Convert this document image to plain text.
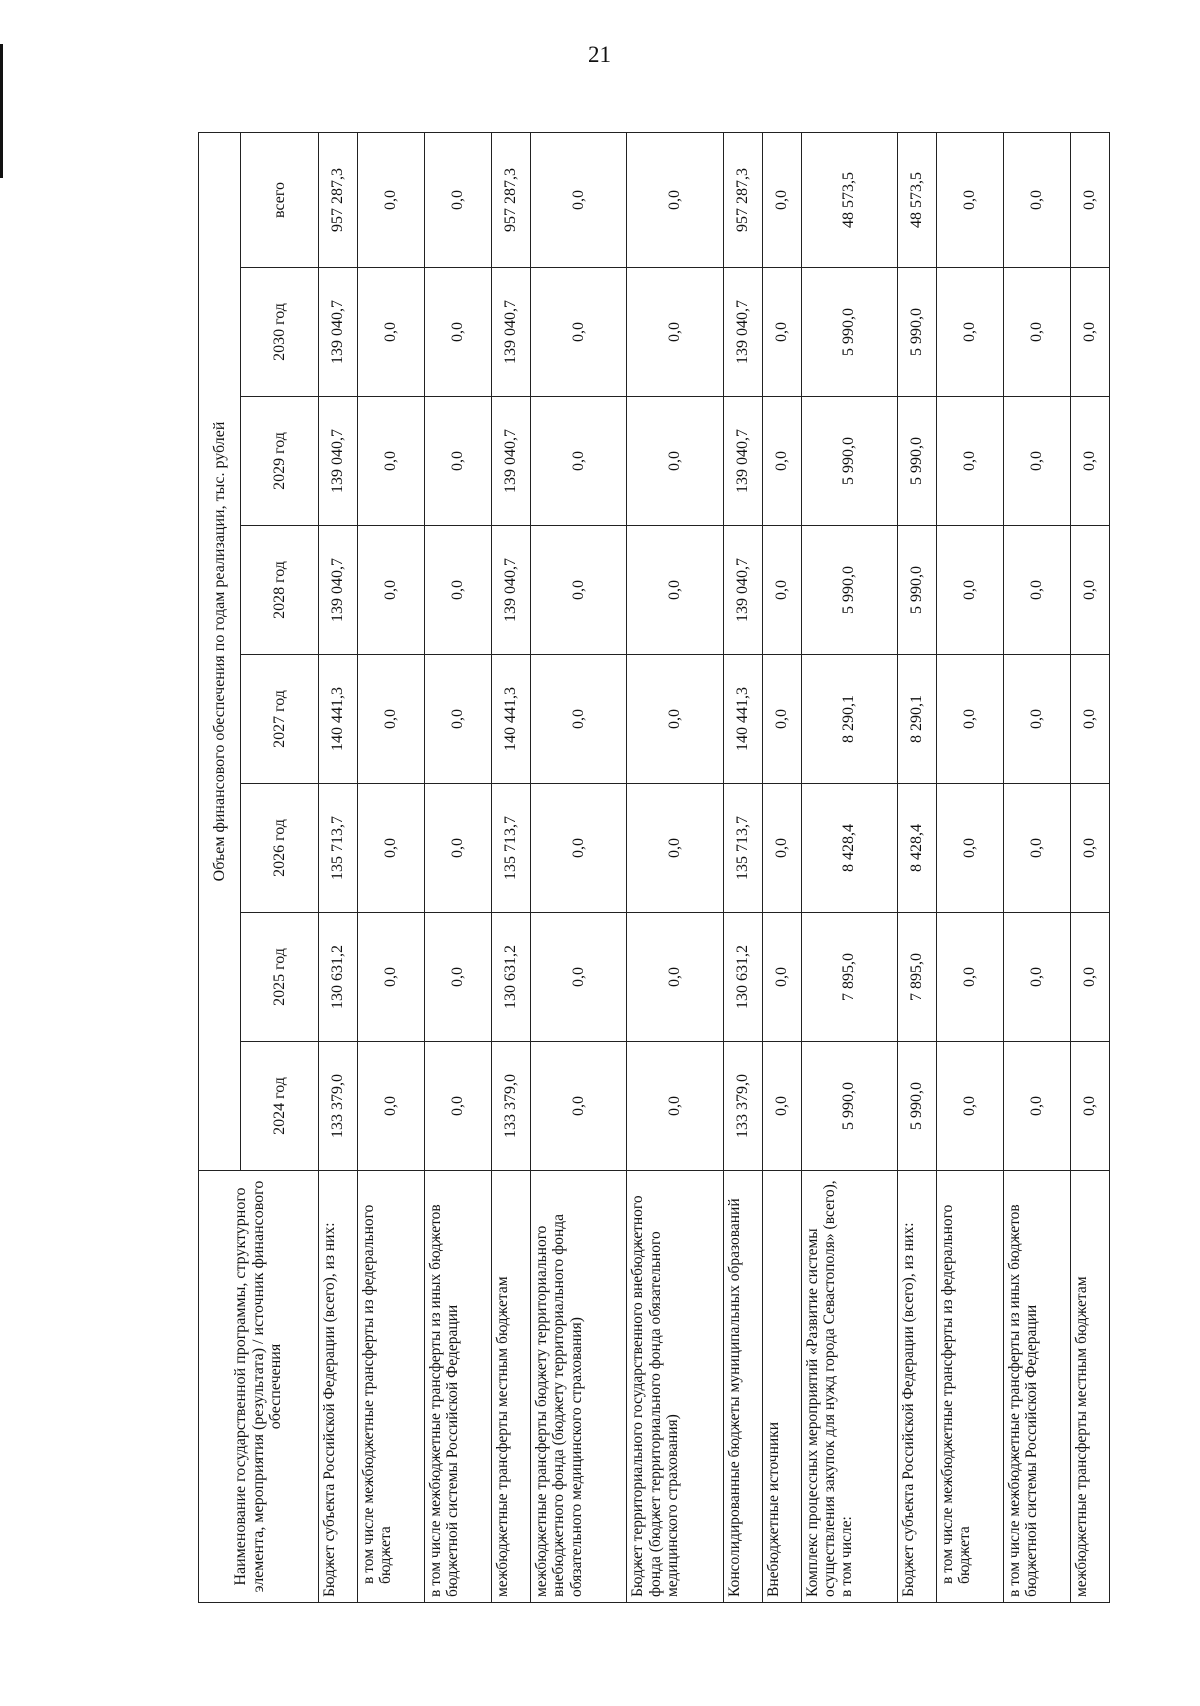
21
Наименование государственной программы, структурного элемента, мероприятия (результата) / источник финансового обеспечения	Объем финансового обеспечения по годам реализации, тыс. рублей							
	2024 год	2025 год	2026 год	2027 год	2028 год	2029 год	2030 год	всего
Бюджет субъекта Российской Федерации (всего), из них:	133 379,0	130 631,2	135 713,7	140 441,3	139 040,7	139 040,7	139 040,7	957 287,3
в том числе межбюджетные трансферты из федерального бюджета	0,0	0,0	0,0	0,0	0,0	0,0	0,0	0,0
в том числе межбюджетные трансферты из иных бюджетов бюджетной системы Российской Федерации	0,0	0,0	0,0	0,0	0,0	0,0	0,0	0,0
межбюджетные трансферты местным бюджетам	133 379,0	130 631,2	135 713,7	140 441,3	139 040,7	139 040,7	139 040,7	957 287,3
межбюджетные трансферты бюджету территориального внебюджетного фонда (бюджету территориального фонда обязательного медицинского страхования)	0,0	0,0	0,0	0,0	0,0	0,0	0,0	0,0
Бюджет территориального государственного внебюджетного фонда (бюджет территориального фонда обязательного медицинского страхования)	0,0	0,0	0,0	0,0	0,0	0,0	0,0	0,0
Консолидированные бюджеты муниципальных образований	133 379,0	130 631,2	135 713,7	140 441,3	139 040,7	139 040,7	139 040,7	957 287,3
Внебюджетные источники	0,0	0,0	0,0	0,0	0,0	0,0	0,0	0,0
Комплекс процессных мероприятий «Развитие системы осуществления закупок для нужд города Севастополя» (всего), в том числе:	5 990,0	7 895,0	8 428,4	8 290,1	5 990,0	5 990,0	5 990,0	48 573,5
Бюджет субъекта Российской Федерации (всего), из них:	5 990,0	7 895,0	8 428,4	8 290,1	5 990,0	5 990,0	5 990,0	48 573,5
в том числе межбюджетные трансферты из федерального бюджета	0,0	0,0	0,0	0,0	0,0	0,0	0,0	0,0
в том числе межбюджетные трансферты из иных бюджетов бюджетной системы Российской Федерации	0,0	0,0	0,0	0,0	0,0	0,0	0,0	0,0
межбюджетные трансферты местным бюджетам	0,0	0,0	0,0	0,0	0,0	0,0	0,0	0,0
